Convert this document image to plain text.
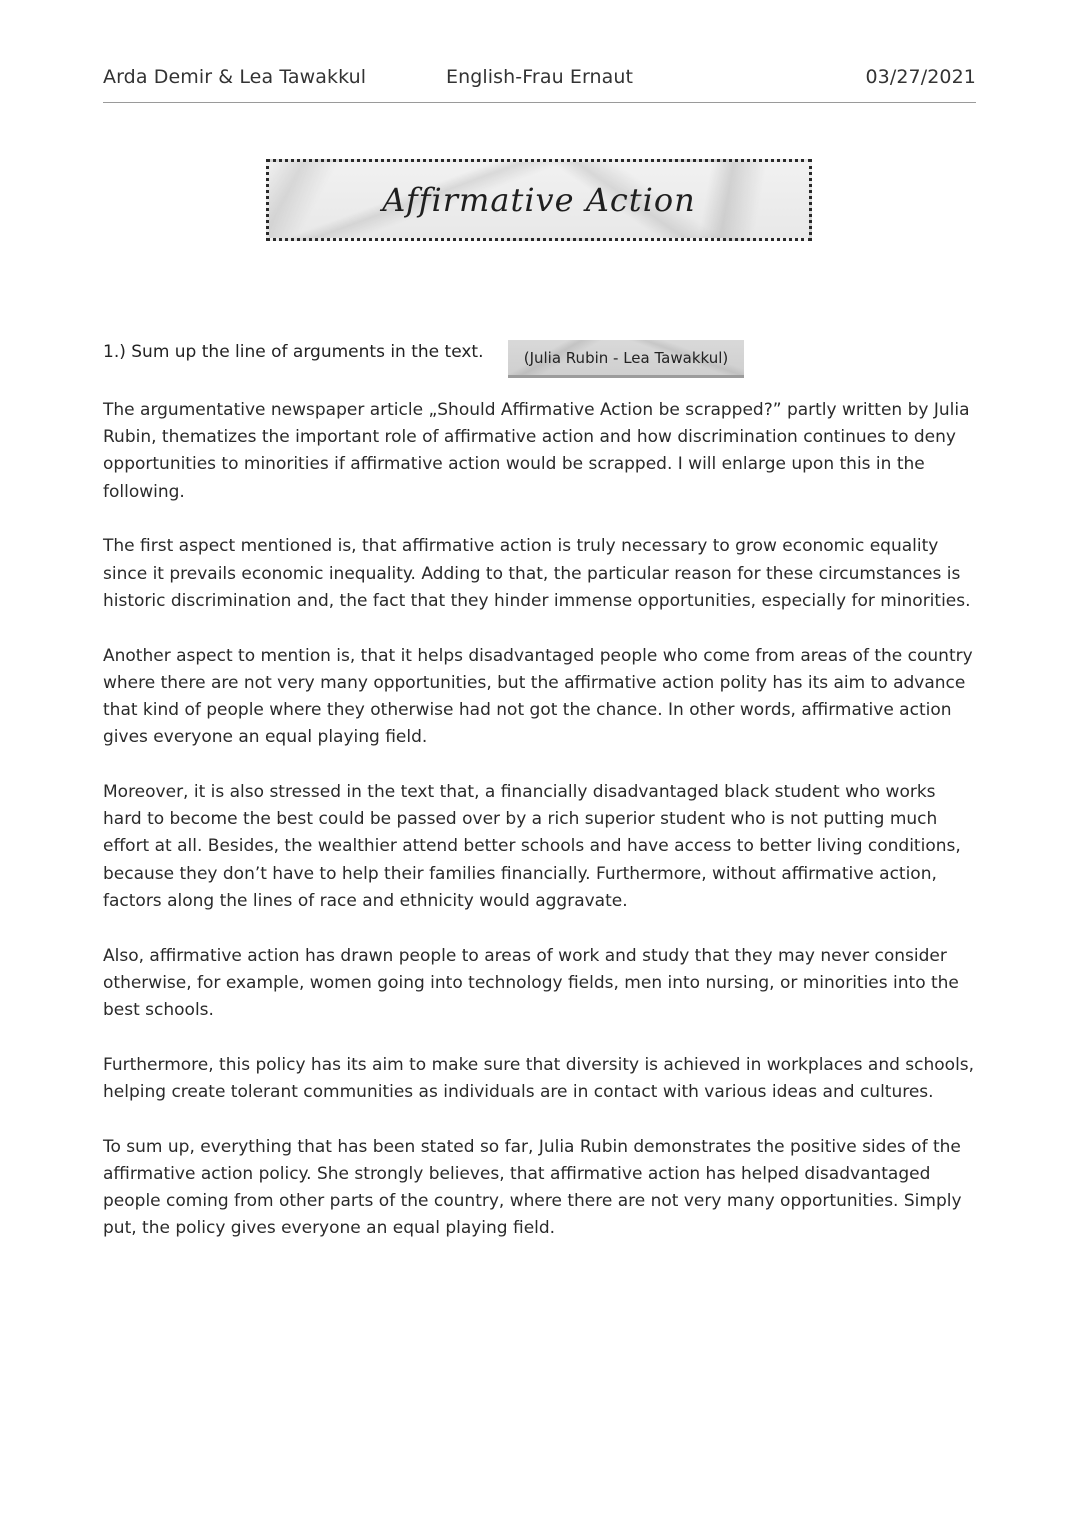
Arda Demir & Lea Tawakkul	English-Frau Ernaut	03/27/2021
Affirmative Action
1.) Sum up the line of arguments in the text.	(Julia Rubin - Lea Tawakkul)

The argumentative newspaper article „Should Affirmative Action be scrapped?” partly written by Julia Rubin, thematizes the important role of affirmative action and how discrimination continues to deny opportunities to minorities if affirmative action would be scrapped. I will enlarge upon this in the following.

The first aspect mentioned is, that affirmative action is truly necessary to grow economic equality since it prevails economic inequality. Adding to that, the particular reason for these circumstances is historic discrimination and, the fact that they hinder immense opportunities, especially for minorities.

Another aspect to mention is, that it helps disadvantaged people who come from areas of the country where there are not very many opportunities, but the affirmative action polity has its aim to advance that kind of people where they otherwise had not got the chance. In other words, affirmative action gives everyone an equal playing field.

Moreover, it is also stressed in the text that, a financially disadvantaged black student who works hard to become the best could be passed over by a rich superior student who is not putting much effort at all. Besides, the wealthier attend better schools and have access to better living conditions, because they don’t have to help their families financially. Furthermore, without affirmative action, factors along the lines of race and ethnicity would aggravate.

Also, affirmative action has drawn people to areas of work and study that they may never consider otherwise, for example, women going into technology fields, men into nursing, or minorities into the best schools.

Furthermore, this policy has its aim to make sure that diversity is achieved in workplaces and schools, helping create tolerant communities as individuals are in contact with various ideas and cultures.

To sum up, everything that has been stated so far, Julia Rubin demonstrates the positive sides of the affirmative action policy. She strongly believes, that affirmative action has helped disadvantaged people coming from other parts of the country, where there are not very many opportunities. Simply put, the policy gives everyone an equal playing field.
